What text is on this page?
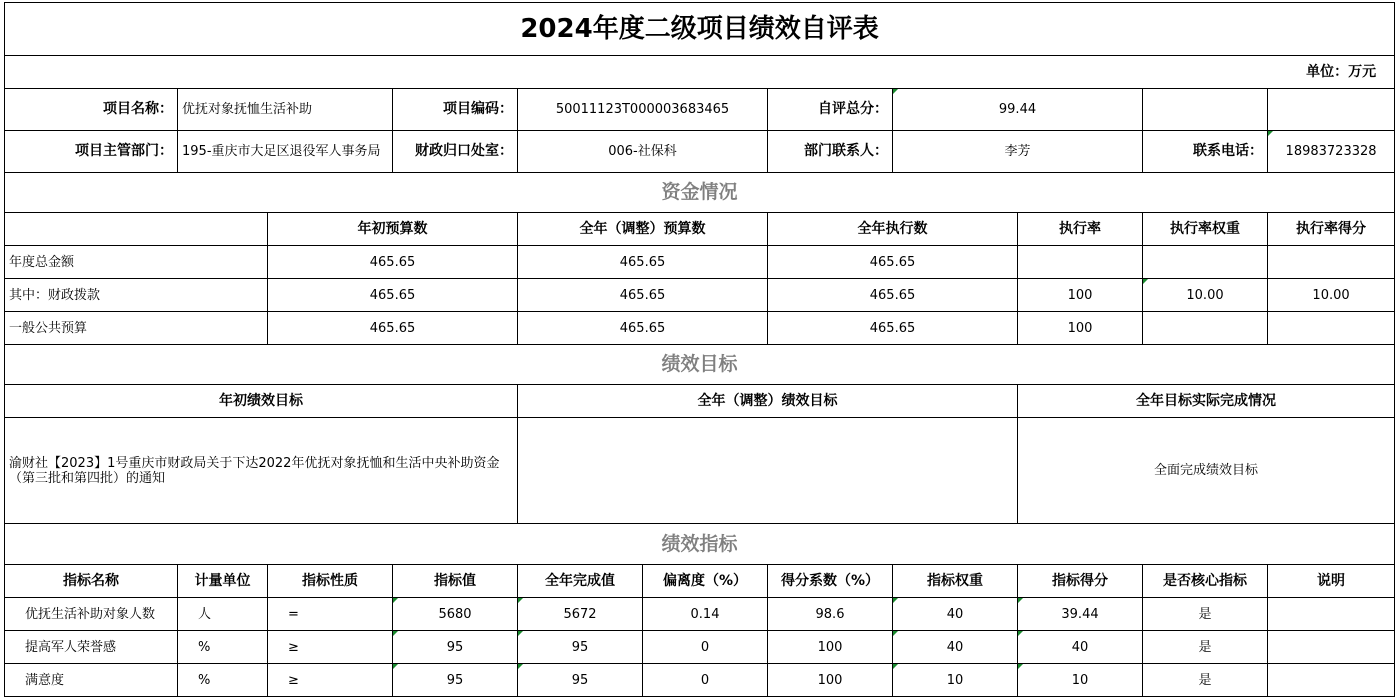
2024年度二级项目绩效自评表										
单位：万元										
项目名称：	优抚对象抚恤生活补助		项目编码：	50011123T000003683465		自评总分：	99.44			
项目主管部门：	195-重庆市大足区退役军人事务局		财政归口处室：	006-社保科		部门联系人：	李芳		联系电话：	18983723328
资金情况										
		年初预算数		全年（调整）预算数		全年执行数		执行率	执行率权重	执行率得分
年度总金额		465.65		465.65		465.65				
其中：财政拨款		465.65		465.65		465.65		100	10.00	10.00
一般公共预算		465.65		465.65		465.65		100		
绩效目标										
年初绩效目标				全年（调整）绩效目标				全年目标实际完成情况		
渝财社【2023】1号重庆市财政局关于下达2022年优抚对象抚恤和生活中央补助资金（第三批和第四批）的通知								全面完成绩效目标		
绩效指标										
指标名称	计量单位	指标性质	指标值	全年完成值	偏离度（%）	得分系数（%）	指标权重	指标得分	是否核心指标	说明
优抚生活补助对象人数	人	=	5680	5672	0.14	98.6	40	39.44	是	
提高军人荣誉感	%	≥	95	95	0	100	40	40	是	
满意度	%	≥	95	95	0	100	10	10	是	
